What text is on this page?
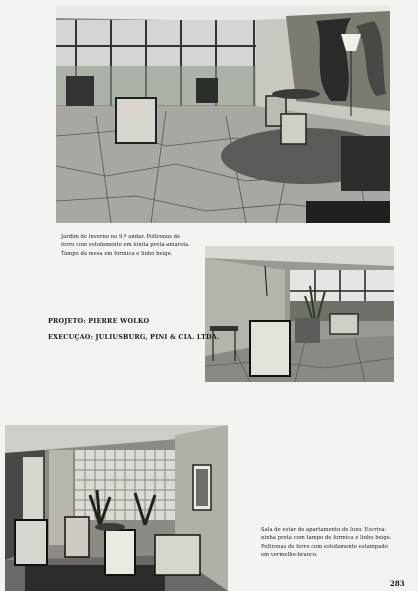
Jardim de inverno no 9.º andar. Poltronas de
ferro com estofamento em lonita preta-amarela.
Tampo da mesa em formica e linho beige.
PROJETO: PIERRE WOLKO
EXECUÇAO: JULIUSBURG, PINI & CIA. LTDA.
Sala de estar de apartamento de luxo. Escriva-
ninha preta com tampo de formica e linho beige.
Poltronas de ferro com estofamento estampado
em vermelho-branco.
283
